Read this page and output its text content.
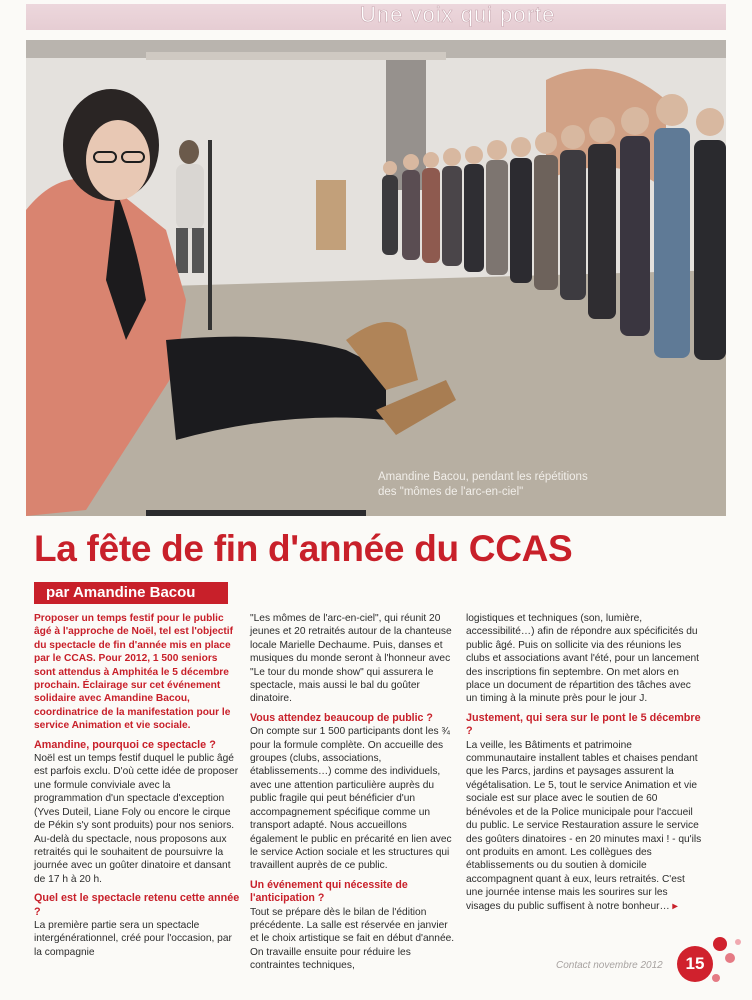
Une voix qui porte
Amandine Bacou, pendant les répétitions
des "mômes de l'arc-en-ciel"
La fête de fin d'année du CCAS
par Amandine Bacou

Proposer un temps festif pour le public âgé à l'approche de Noël, tel est l'objectif du spectacle de fin d'année mis en place par le CCAS. Pour 2012, 1 500 seniors sont attendus à Amphitéa le 5 décembre prochain. Éclairage sur cet événement solidaire avec Amandine Bacou, coordinatrice de la manifestation pour le service Animation et vie sociale.

Amandine, pourquoi ce spectacle ?

Noël est un temps festif duquel le public âgé est parfois exclu. D'où cette idée de proposer une formule conviviale avec la programmation d'un spectacle d'exception (Yves Duteil, Liane Foly ou encore le cirque de Pékin s'y sont produits) pour nos seniors. Au-delà du spectacle, nous proposons aux retraités qui le souhaitent de poursuivre la journée avec un goûter dinatoire et dansant de 17 h à 20 h.

Quel est le spectacle retenu cette année ?

La première partie sera un spectacle intergénérationnel, créé pour l'occasion, par la compagnie

"Les mômes de l'arc-en-ciel", qui réunit 20 jeunes et 20 retraités autour de la chanteuse locale Marielle Dechaume. Puis, danses et musiques du monde seront à l'honneur avec "Le tour du monde show" qui assurera le spectacle, mais aussi le bal du goûter dinatoire.

Vous attendez beaucoup de public ?

On compte sur 1 500 participants dont les ¾ pour la formule complète. On accueille des groupes (clubs, associations, établissements…) comme des individuels, avec une attention particulière auprès du public fragile qui peut bénéficier d'un accompagnement spécifique comme un transport adapté. Nous accueillons également le public en précarité en lien avec le service Action sociale et les structures qui travaillent auprès de ce public.

Un événement qui nécessite de l'anticipation ?

Tout se prépare dès le bilan de l'édition précédente. La salle est réservée en janvier et le choix artistique se fait en début d'année. On travaille ensuite pour réduire les contraintes techniques,

logistiques et techniques (son, lumière, accessibilité…) afin de répondre aux spécificités du public âgé. Puis on sollicite via des réunions les clubs et associations avant l'été, pour un lancement des inscriptions fin septembre. On met alors en place un document de répartition des tâches avec un timing à la minute près pour le jour J.

Justement, qui sera sur le pont le 5 décembre ?

La veille, les Bâtiments et patrimoine communautaire installent tables et chaises pendant que les Parcs, jardins et paysages assurent la végétalisation. Le 5, tout le service Animation et vie sociale est sur place avec le soutien de 60 bénévoles et de la Police municipale pour l'accueil du public. Le service Restauration assure le service des goûters dinatoires - en 20 minutes maxi ! - qu'ils ont produits en amont. Les collègues des établissements ou du soutien à domicile accompagnent quant à eux, leurs retraités. C'est une journée intense mais les sourires sur les visages du public suffisent à notre bonheur… ▸

Contact novembre 2012 15
